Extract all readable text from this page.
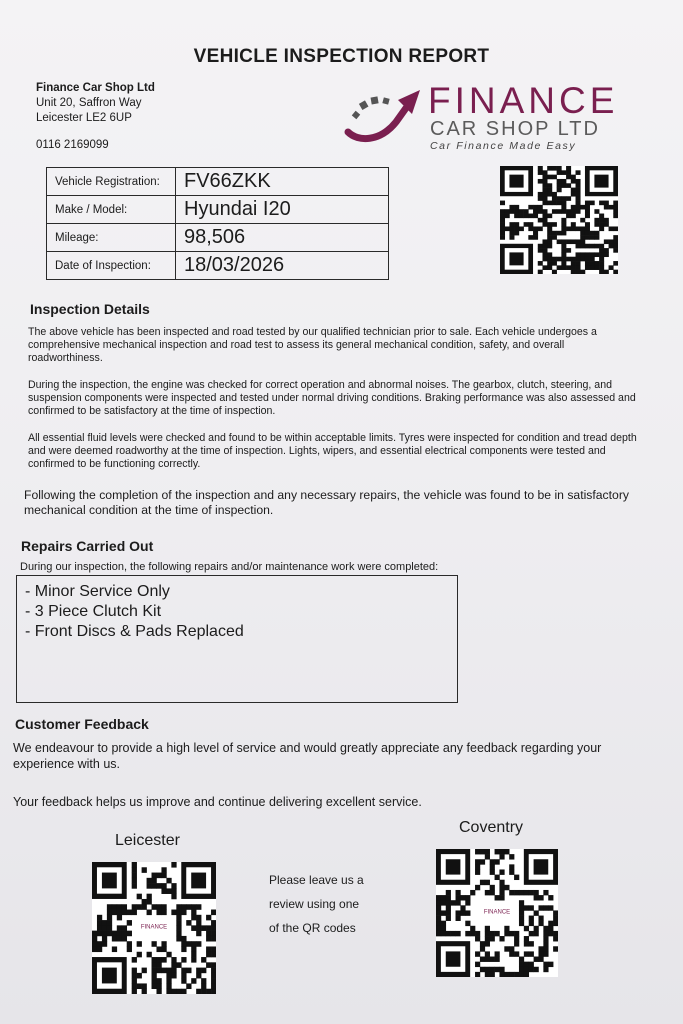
VEHICLE INSPECTION REPORT
Finance Car Shop Ltd
Unit 20, Saffron Way
Leicester LE2 6UP
0116 2169099
FINANCE
CAR SHOP LTD
Car Finance Made Easy
Vehicle Registration:	FV66ZKK
Make / Model:	Hyundai I20
Mileage:	98,506
Date of Inspection:	18/03/2026
Inspection Details
The above vehicle has been inspected and road tested by our qualified technician prior to sale. Each vehicle undergoes a comprehensive mechanical inspection and road test to assess its general mechanical condition, safety, and overall roadworthiness.
During the inspection, the engine was checked for correct operation and abnormal noises. The gearbox, clutch, steering, and suspension components were inspected and tested under normal driving conditions. Braking performance was also assessed and confirmed to be satisfactory at the time of inspection.
All essential fluid levels were checked and found to be within acceptable limits. Tyres were inspected for condition and tread depth and were deemed roadworthy at the time of inspection. Lights, wipers, and essential electrical components were tested and confirmed to be functioning correctly.
Following the completion of the inspection and any necessary repairs, the vehicle was found to be in satisfactory mechanical condition at the time of inspection.
Repairs Carried Out
During our inspection, the following repairs and/or maintenance work were completed:
- Minor Service Only
- 3 Piece Clutch Kit
- Front Discs & Pads Replaced
Customer Feedback
We endeavour to provide a high level of service and would greatly appreciate any feedback regarding your experience with us.
Your feedback helps us improve and continue delivering excellent service.
Leicester
Coventry
FINANCE
Please leave us a
review using one
of the QR codes
FINANCE
